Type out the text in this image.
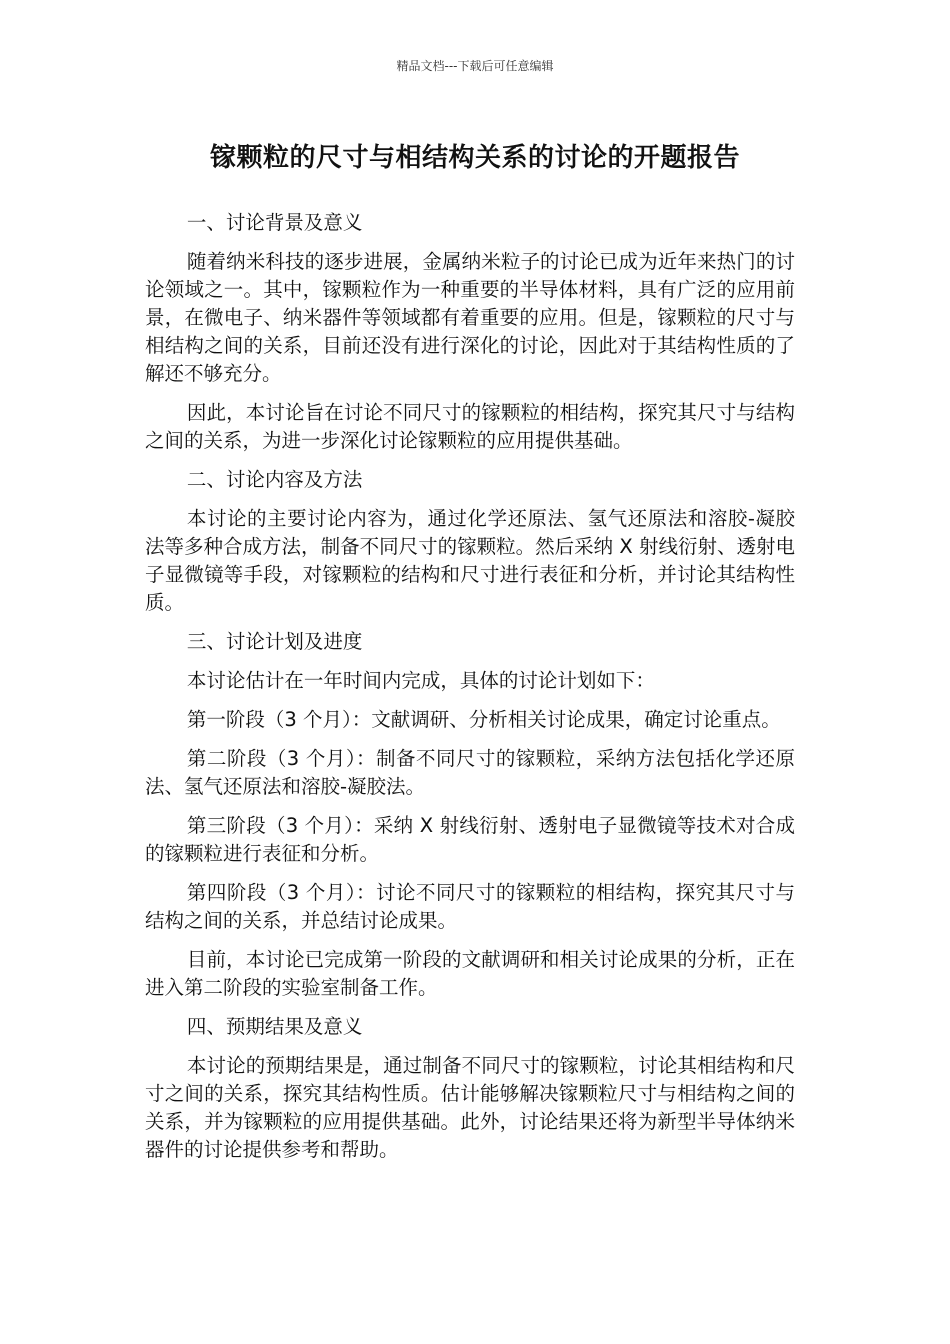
精品文档---下载后可任意编辑
镓颗粒的尺寸与相结构关系的讨论的开题报告
一、讨论背景及意义

随着纳米科技的逐步进展，金属纳米粒子的讨论已成为近年来热门的讨论领域之一。其中，镓颗粒作为一种重要的半导体材料，具有广泛的应用前景，在微电子、纳米器件等领域都有着重要的应用。但是，镓颗粒的尺寸与相结构之间的关系，目前还没有进行深化的讨论，因此对于其结构性质的了解还不够充分。

因此，本讨论旨在讨论不同尺寸的镓颗粒的相结构，探究其尺寸与结构之间的关系，为进一步深化讨论镓颗粒的应用提供基础。

二、讨论内容及方法

本讨论的主要讨论内容为，通过化学还原法、氢气还原法和溶胶-凝胶法等多种合成方法，制备不同尺寸的镓颗粒。然后采纳 X 射线衍射、透射电子显微镜等手段，对镓颗粒的结构和尺寸进行表征和分析，并讨论其结构性质。

三、讨论计划及进度

本讨论估计在一年时间内完成，具体的讨论计划如下：

第一阶段（3 个月）：文献调研、分析相关讨论成果，确定讨论重点。

第二阶段（3 个月）：制备不同尺寸的镓颗粒，采纳方法包括化学还原法、氢气还原法和溶胶-凝胶法。

第三阶段（3 个月）：采纳 X 射线衍射、透射电子显微镜等技术对合成的镓颗粒进行表征和分析。

第四阶段（3 个月）：讨论不同尺寸的镓颗粒的相结构，探究其尺寸与结构之间的关系，并总结讨论成果。

目前，本讨论已完成第一阶段的文献调研和相关讨论成果的分析，正在进入第二阶段的实验室制备工作。

四、预期结果及意义

本讨论的预期结果是，通过制备不同尺寸的镓颗粒，讨论其相结构和尺寸之间的关系，探究其结构性质。估计能够解决镓颗粒尺寸与相结构之间的关系，并为镓颗粒的应用提供基础。此外，讨论结果还将为新型半导体纳米器件的讨论提供参考和帮助。
